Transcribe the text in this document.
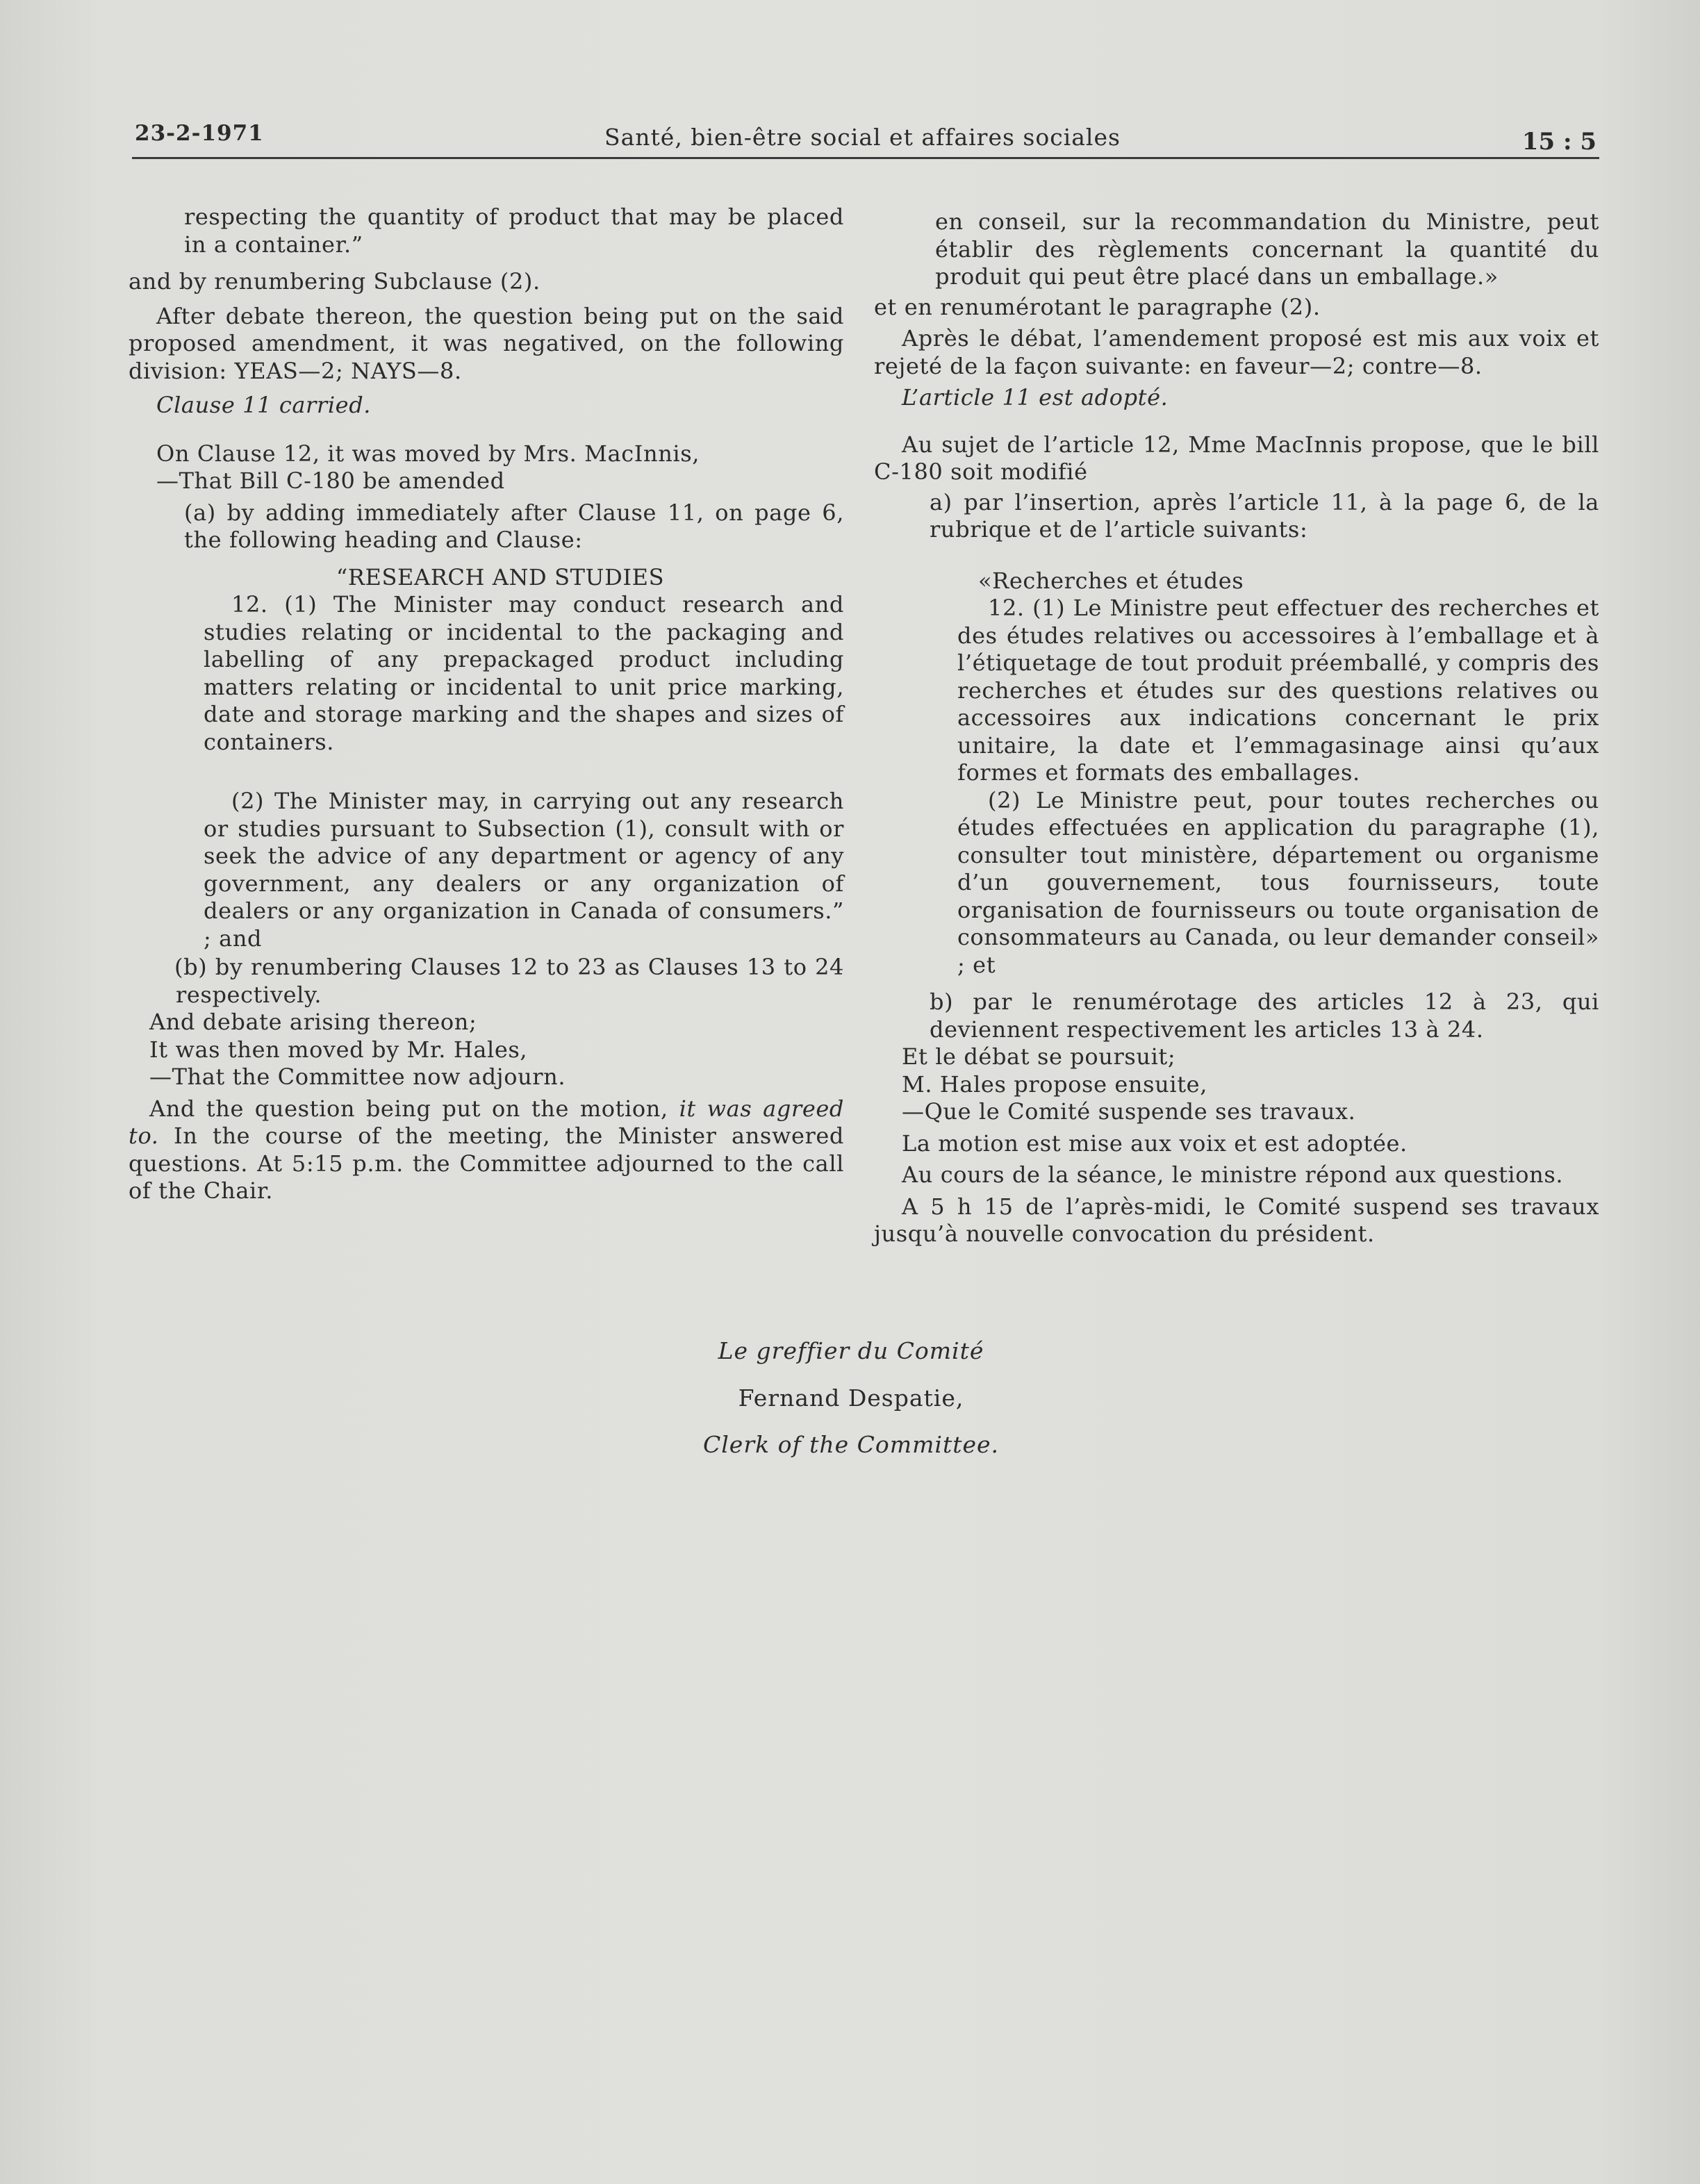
23-2-1971	Santé, bien-être social et affaires sociales	15 : 5

respecting the quantity of product that may be placed in a container.”

and by renumbering Subclause (2).

After debate thereon, the question being put on the said proposed amendment, it was negatived, on the following division: YEAS—2; NAYS—8.

Clause 11 carried.

On Clause 12, it was moved by Mrs. MacInnis,

—That Bill C-180 be amended

(a) by adding immediately after Clause 11, on page 6, the following heading and Clause:

“RESEARCH AND STUDIES

12. (1) The Minister may conduct research and studies relating or incidental to the packaging and labelling of any prepackaged product including matters relating or incidental to unit price marking, date and storage marking and the shapes and sizes of containers.

(2) The Minister may, in carrying out any research or studies pursuant to Subsection (1), consult with or seek the advice of any department or agency of any government, any dealers or any organization of dealers or any organization in Canada of consumers.” ; and

(b) by renumbering Clauses 12 to 23 as Clauses 13 to 24 respectively.

And debate arising thereon;

It was then moved by Mr. Hales,

—That the Committee now adjourn.

And the question being put on the motion, it was agreed to. In the course of the meeting, the Minister answered questions. At 5:15 p.m. the Committee adjourned to the call of the Chair.

en conseil, sur la recommandation du Ministre, peut établir des règlements concernant la quantité du produit qui peut être placé dans un emballage.»

et en renumérotant le paragraphe (2).

Après le débat, l’amendement proposé est mis aux voix et rejeté de la façon suivante: en faveur—2; contre—8.

L’article 11 est adopté.

Au sujet de l’article 12, Mme MacInnis propose, que le bill C-180 soit modifié

a) par l’insertion, après l’article 11, à la page 6, de la rubrique et de l’article suivants:

«Recherches et études

12. (1) Le Ministre peut effectuer des recherches et des études relatives ou accessoires à l’emballage et à l’étiquetage de tout produit préemballé, y compris des recherches et études sur des questions relatives ou accessoires aux indications concernant le prix unitaire, la date et l’emmagasinage ainsi qu’aux formes et formats des emballages.

(2) Le Ministre peut, pour toutes recherches ou études effectuées en application du paragraphe (1), consulter tout ministère, département ou organisme d’un gouvernement, tous fournisseurs, toute organisation de fournisseurs ou toute organisation de consommateurs au Canada, ou leur demander conseil» ; et

b) par le renumérotage des articles 12 à 23, qui deviennent respectivement les articles 13 à 24.

Et le débat se poursuit;

M. Hales propose ensuite,

—Que le Comité suspende ses travaux.

La motion est mise aux voix et est adoptée.

Au cours de la séance, le ministre répond aux questions.

A 5 h 15 de l’après-midi, le Comité suspend ses travaux jusqu’à nouvelle convocation du président.

Le greffier du Comité
Fernand Despatie,
Clerk of the Committee.
